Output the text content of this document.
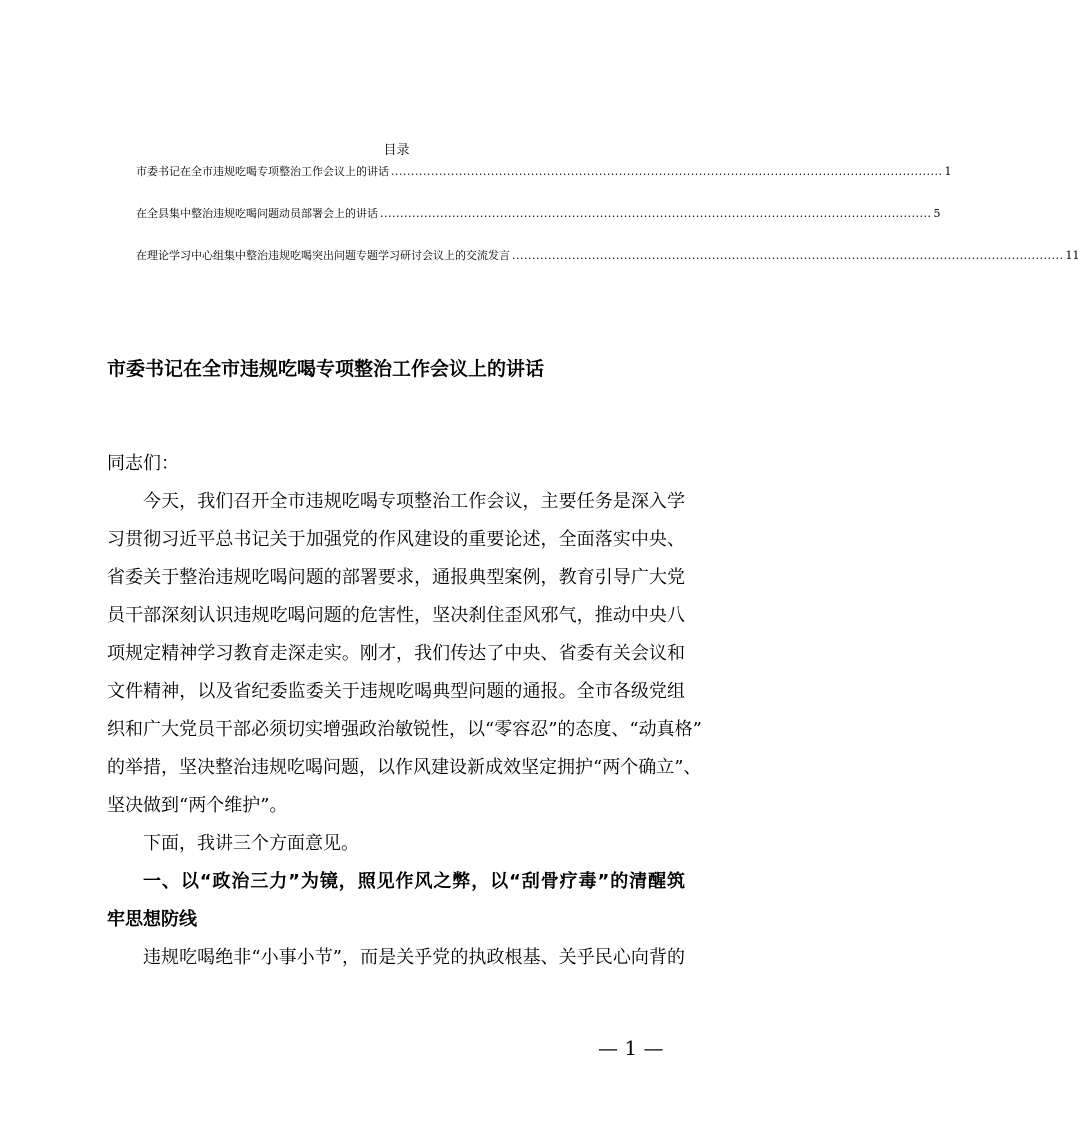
目录
市委书记在全市违规吃喝专项整治工作会议上的讲话 .......................................................................................................................................... 1
在全县集中整治违规吃喝问题动员部署会上的讲话 .......................................................................................................................................... 5
在理论学习中心组集中整治违规吃喝突出问题专题学习研讨会议上的交流发言 .......................................................................................................................................... 11
市委书记在全市违规吃喝专项整治工作会议上的讲话
同志们：
今天，我们召开全市违规吃喝专项整治工作会议，主要任务是深入学
习贯彻习近平总书记关于加强党的作风建设的重要论述，全面落实中央、
省委关于整治违规吃喝问题的部署要求，通报典型案例，教育引导广大党
员干部深刻认识违规吃喝问题的危害性，坚决刹住歪风邪气，推动中央八
项规定精神学习教育走深走实。刚才，我们传达了中央、省委有关会议和
文件精神，以及省纪委监委关于违规吃喝典型问题的通报。全市各级党组
织和广大党员干部必须切实增强政治敏锐性，以“零容忍”的态度、“动真格”
的举措，坚决整治违规吃喝问题，以作风建设新成效坚定拥护“两个确立”、
坚决做到“两个维护”。
下面，我讲三个方面意见。
一、以“政治三力”为镜，照见作风之弊，以“刮骨疗毒”的清醒筑
牢思想防线
违规吃喝绝非“小事小节”，而是关乎党的执政根基、关乎民心向背的
— 1 —
